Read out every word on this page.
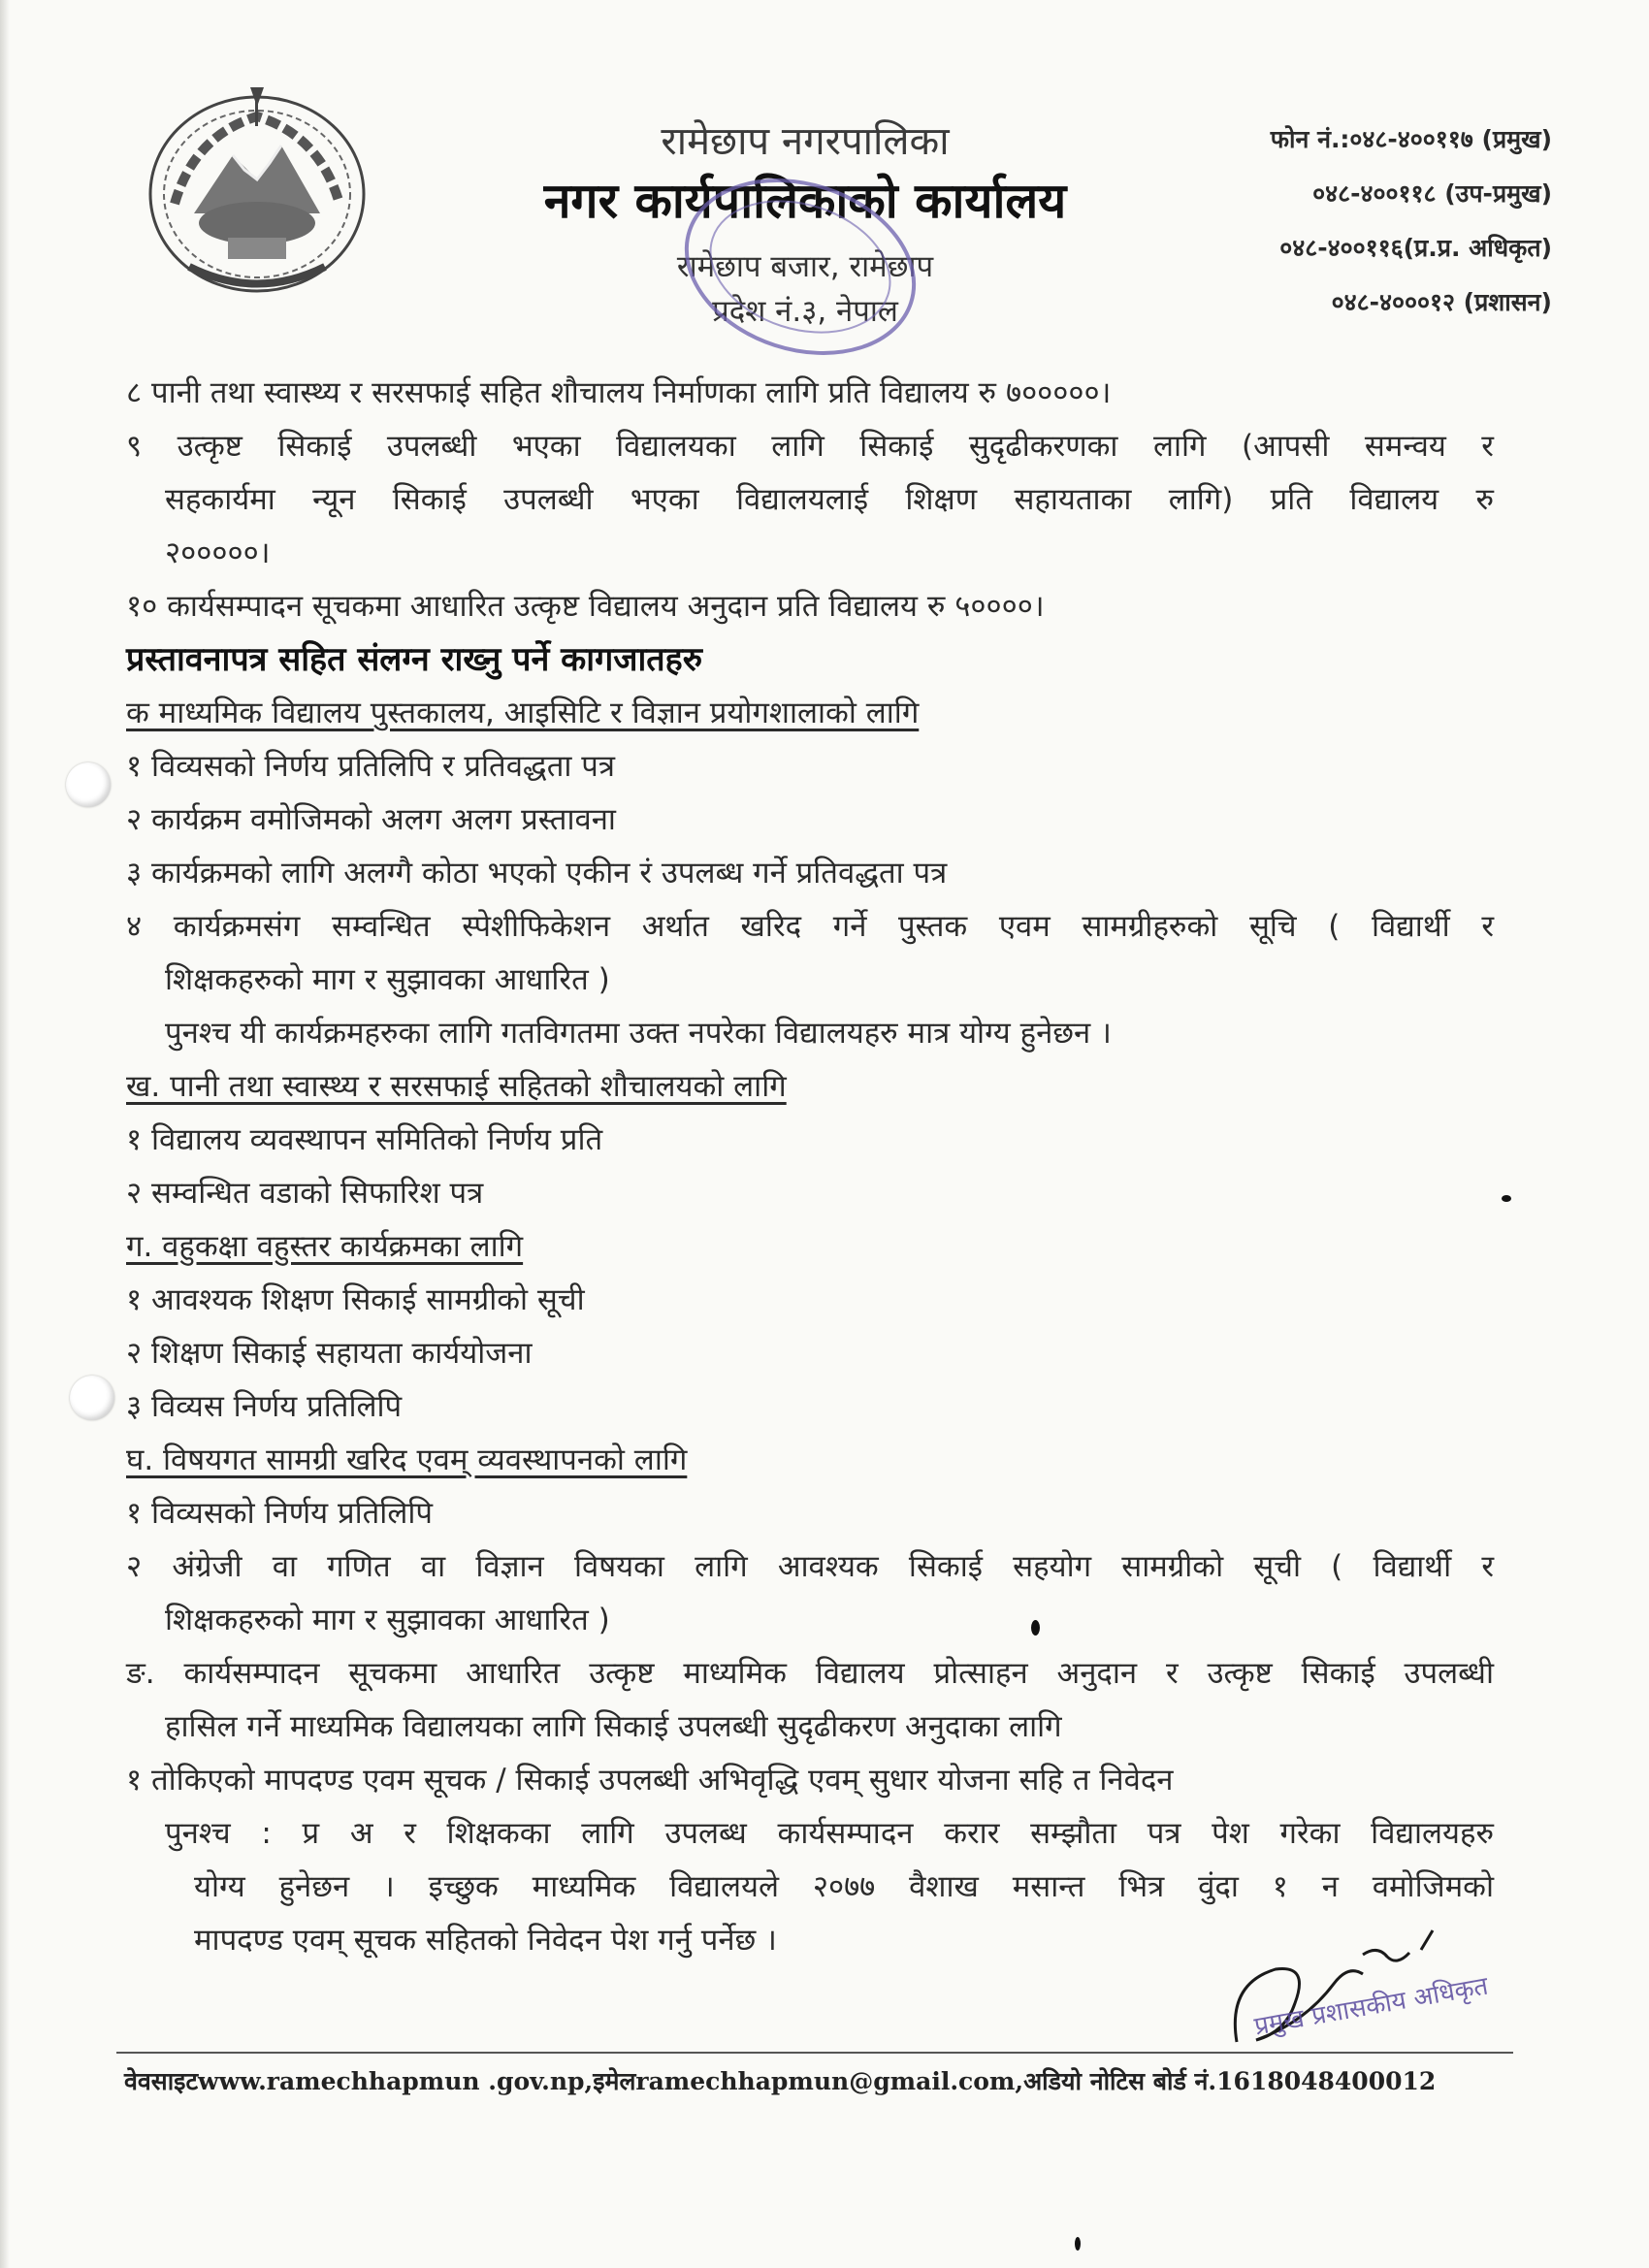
रामेछाप नगरपालिका
नगर कार्यपालिकाको कार्यालय
रामेछाप बजार, रामेछाप
प्रदेश नं.३, नेपाल
फोन नं.:०४८-४००११७ (प्रमुख)
०४८-४००११८ (उप-प्रमुख)
०४८-४००११६(प्र.प्र. अधिकृत)
०४८-४०००१२ (प्रशासन)
८ पानी तथा स्वास्थ्य र सरसफाई सहित शौचालय निर्माणका लागि प्रति विद्यालय रु ७०००००।
९ उत्कृष्ट सिकाई उपलब्धी भएका विद्यालयका लागि सिकाई सुदृढीकरणका लागि (आपसी समन्वय र
सहकार्यमा न्यून सिकाई उपलब्धी भएका विद्यालयलाई शिक्षण सहायताका लागि) प्रति विद्यालय रु
२०००००।
१० कार्यसम्पादन सूचकमा आधारित उत्कृष्ट विद्यालय अनुदान प्रति विद्यालय रु ५००००।
प्रस्तावनापत्र सहित संलग्न राख्नु पर्ने कागजातहरु
क माध्यमिक विद्यालय पुस्तकालय, आइसिटि र विज्ञान प्रयोगशालाको लागि
१ विव्यसको निर्णय प्रतिलिपि र प्रतिवद्धता पत्र
२ कार्यक्रम वमोजिमको अलग अलग प्रस्तावना
३ कार्यक्रमको लागि अलग्गै कोठा भएको एकीन रं उपलब्ध गर्ने प्रतिवद्धता पत्र
४ कार्यक्रमसंग सम्वन्धित स्पेशीफिकेशन अर्थात खरिद गर्ने पुस्तक एवम सामग्रीहरुको सूचि ( विद्यार्थी र
शिक्षकहरुको माग र सुझावका आधारित )
पुनश्च यी कार्यक्रमहरुका लागि गतविगतमा उक्त नपरेका विद्यालयहरु मात्र योग्य हुनेछन ।
ख. पानी तथा स्वास्थ्य र सरसफाई सहितको शौचालयको लागि
१ विद्यालय व्यवस्थापन समितिको निर्णय प्रति
२ सम्वन्धित वडाको सिफारिश पत्र
ग. वहुकक्षा वहुस्तर कार्यक्रमका लागि
१ आवश्यक शिक्षण सिकाई सामग्रीको सूची
२ शिक्षण सिकाई सहायता कार्ययोजना
३ विव्यस निर्णय प्रतिलिपि
घ. विषयगत सामग्री खरिद एवम् व्यवस्थापनको लागि
१ विव्यसको निर्णय प्रतिलिपि
२ अंग्रेजी वा गणित वा विज्ञान विषयका लागि आवश्यक सिकाई सहयोग सामग्रीको सूची ( विद्यार्थी र
शिक्षकहरुको माग र सुझावका आधारित )
ङ. कार्यसम्पादन सूचकमा आधारित उत्कृष्ट माध्यमिक विद्यालय प्रोत्साहन अनुदान र उत्कृष्ट सिकाई उपलब्धी
हासिल गर्ने माध्यमिक विद्यालयका लागि सिकाई उपलब्धी सुदृढीकरण अनुदाका लागि
१ तोकिएको मापदण्ड एवम सूचक / सिकाई उपलब्धी अभिवृद्धि एवम् सुधार योजना सहि त निवेदन
पुनश्च : प्र अ र शिक्षकका लागि उपलब्ध कार्यसम्पादन करार सम्झौता पत्र पेश गरेका विद्यालयहरु
योग्य हुनेछन । इच्छुक माध्यमिक विद्यालयले २०७७ वैशाख मसान्त भित्र वुंदा १ न वमोजिमको
मापदण्ड एवम् सूचक सहितको निवेदन पेश गर्नु पर्नेछ ।
प्रमुख प्रशासकीय अधिकृत
वेवसाइटwww.ramechhapmun .gov.np,इमेलramechhapmun@gmail.com,अडियो नोटिस बोर्ड नं.1618048400012
